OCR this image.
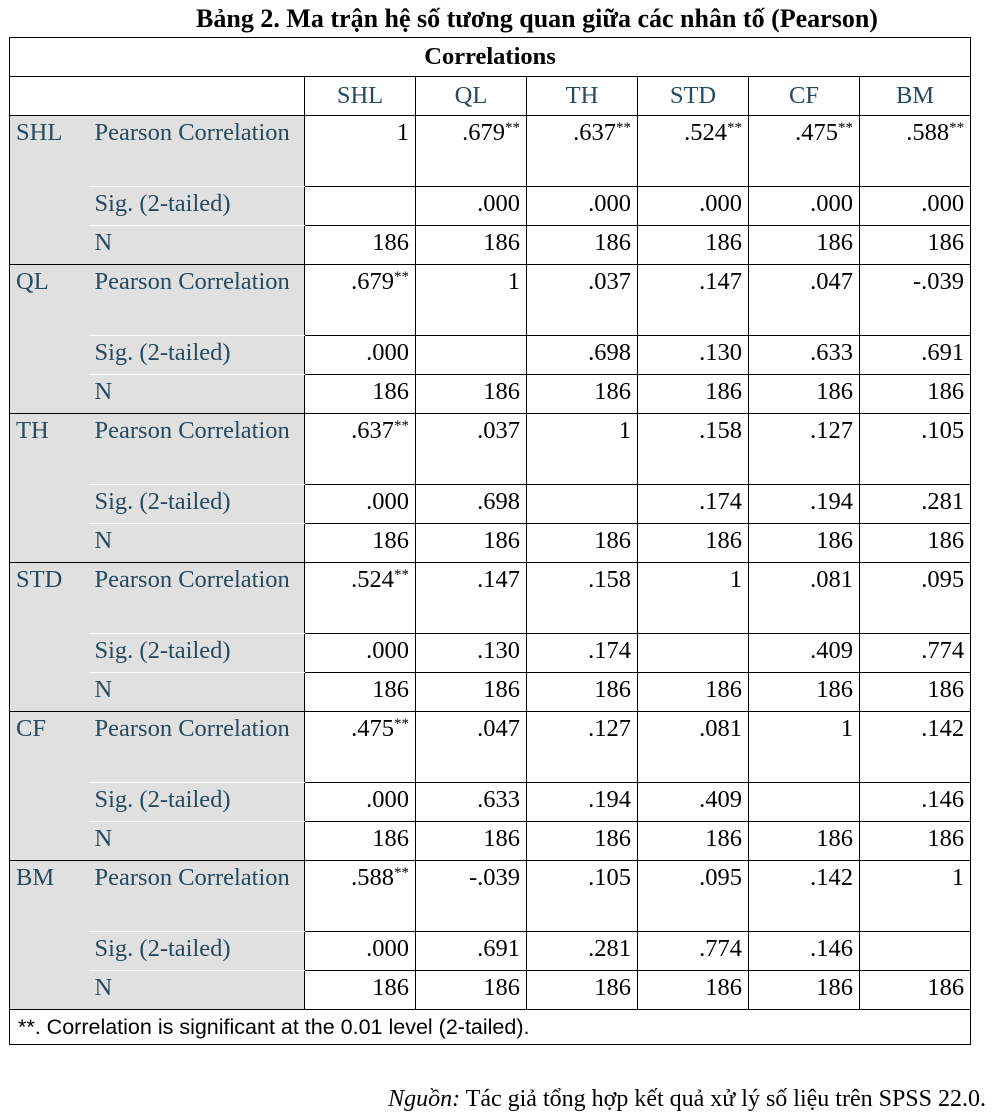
Bảng 2. Ma trận hệ số tương quan giữa các nhân tố (Pearson)
Correlations							
		SHL	QL	TH	STD	CF	BM
SHL	Pearson Correlation	1	.679**	.637**	.524**	.475**	.588**
	Sig. (2-tailed)		.000	.000	.000	.000	.000
	N	186	186	186	186	186	186
QL	Pearson Correlation	.679**	1	.037	.147	.047	-.039
	Sig. (2-tailed)	.000		.698	.130	.633	.691
	N	186	186	186	186	186	186
TH	Pearson Correlation	.637**	.037	1	.158	.127	.105
	Sig. (2-tailed)	.000	.698		.174	.194	.281
	N	186	186	186	186	186	186
STD	Pearson Correlation	.524**	.147	.158	1	.081	.095
	Sig. (2-tailed)	.000	.130	.174		.409	.774
	N	186	186	186	186	186	186
CF	Pearson Correlation	.475**	.047	.127	.081	1	.142
	Sig. (2-tailed)	.000	.633	.194	.409		.146
	N	186	186	186	186	186	186
BM	Pearson Correlation	.588**	-.039	.105	.095	.142	1
	Sig. (2-tailed)	.000	.691	.281	.774	.146	
	N	186	186	186	186	186	186
**. Correlation is significant at the 0.01 level (2-tailed).							
Nguồn: Tác giả tổng hợp kết quả xử lý số liệu trên SPSS 22.0.
